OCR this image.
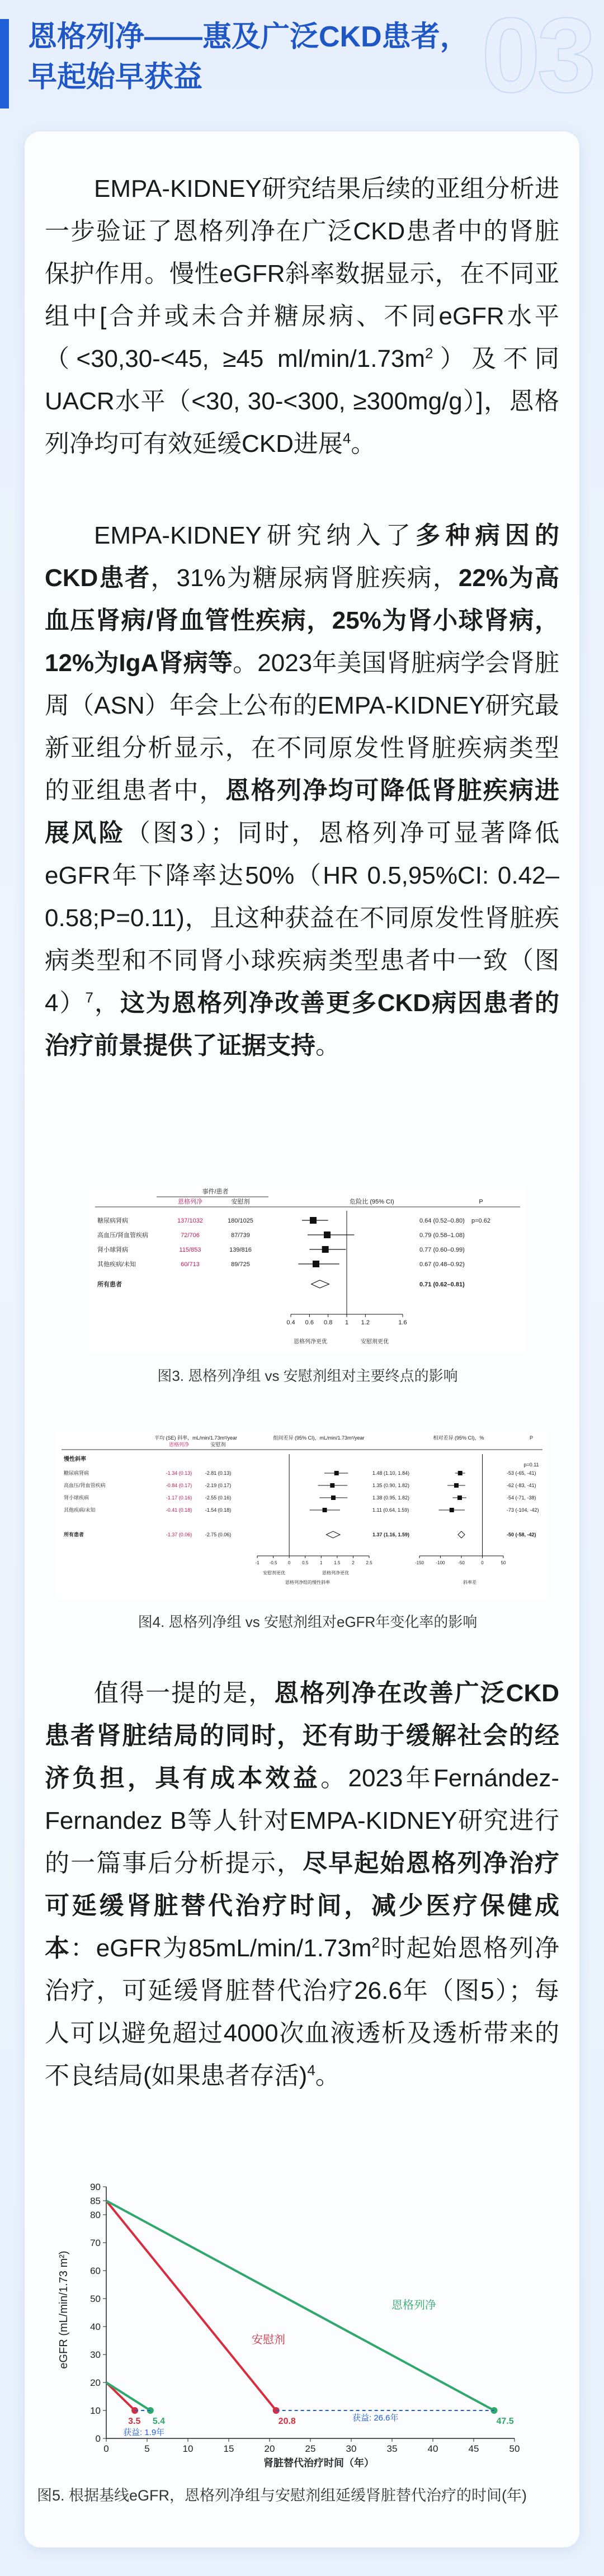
03
恩格列净——惠及广泛CKD患者，
早起始早获益
EMPA-KIDNEY研究结果后续的亚组分析进一步验证了恩格列净在广泛CKD患者中的肾脏保护作用。慢性eGFR斜率数据显示，在不同亚组中[合并或未合并糖尿病、不同eGFR水平（<30,30-<45, ≥45 $ml/\min/1.73m^2$）及不同UACR水平（<30, 30-<300, ≥300mg/g）]，恩格列净均可有效延缓CKD进展$^4$。
EMPA-KIDNEY研究纳入了多种病因的CKD患者，31%为糖尿病肾脏疾病，22%为高血压肾病/肾血管性疾病，25%为肾小球肾病，12%为IgA肾病等。2023年美国肾脏病学会肾脏周（ASN）年会上公布的EMPA-KIDNEY研究最新亚组分析显示，在不同原发性肾脏疾病类型的亚组患者中，恩格列净均可降低肾脏疾病进展风险（图3）；同时，恩格列净可显著降低eGFR年下降率达50%（HR 0.5,95%CI: 0.42–0.58;P=0.11)，且这种获益在不同原发性肾脏疾病类型和不同肾小球疾病类型患者中一致（图4）$^7$，这为恩格列净改善更多CKD病因患者的治疗前景提供了证据支持。
事件/患者
恩格列净	安慰剂	危险比 (95% CI)	P
糖尿病肾病	137/1032	180/1025	0.64 (0.52–0.80) p=0.62
高血压/肾血管疾病	72/706	87/739	0.79 (0.58–1.08)
肾小球肾病	115/853	139/816	0.77 (0.60–0.99)
其他疾病/未知	60/713	89/725	0.67 (0.48–0.92)
所有患者	0.71 (0.62–0.81)
0.4 0.6 0.8 1 1.2	1.6
恩格列净更优	安慰剂更优
图3. 恩格列净组 vs 安慰剂组对主要终点的影响
平均 (SE) 斜率，mL/min/1.73m²/year
恩格列净	安慰剂
组间差异 (95% CI)，mL/min/1.73m²/year	相对差异 (95% CI)，%	P
慢性斜率
糖尿病肾病	-1.34 (0.13)	-2.81 (0.13)	1.48 (1.10, 1.84)	-53 (-65, -41)
高血压/肾血管疾病	-0.84 (0.17)	-2.19 (0.17)	1.35 (0.90, 1.82)	-62 (-83, -41)
肾小球疾病	-1.17 (0.16)	-2.55 (0.16)	1.38 (0.95, 1.82)	-54 (-71, -38)
其他疾病/未知	-0.41 (0.18)	-1.54 (0.18)	1.11 (0.64, 1.59)	-73 (-104, -42)
所有患者	-1.37 (0.06)	-2.75 (0.06)	1.37 (1.16, 1.59)	-50 (-58, -42)
-1 -0.5 0	0.5	1	1.5	2	2.5	-150	-100	-50	0	50
安慰剂更优	恩格列净更优
恩格列净组的慢性斜率	斜率差
p=0.11
图4. 恩格列净组 vs 安慰剂组对eGFR年变化率的影响
值得一提的是，恩格列净在改善广泛CKD患者肾脏结局的同时，还有助于缓解社会的经济负担，具有成本效益。2023年Fernández-Fernandez B等人针对EMPA-KIDNEY研究进行的一篇事后分析提示，尽早起始恩格列净治疗可延缓肾脏替代治疗时间，减少医疗保健成本：eGFR为$85mL/\min/1.73m^2$时起始恩格列净治疗，可延缓肾脏替代治疗26.6年（图5）；每人可以避免超过4000次血液透析及透析带来的不良结局(如果患者存活)$^4$。
0	5	10	15	20	25	30	35	40	45	50
0
10
20
30
40
50
60
70
80
85
90
3.5 5.4	20.8	47.5
eGFR (mL/min/1.73 m²)
肾脏替代治疗时间（年）
安慰剂
恩格列净
获益: 1.9年
获益: 26.6年
图5. 根据基线eGFR，恩格列净组与安慰剂组延缓肾脏替代治疗的时间(年)
